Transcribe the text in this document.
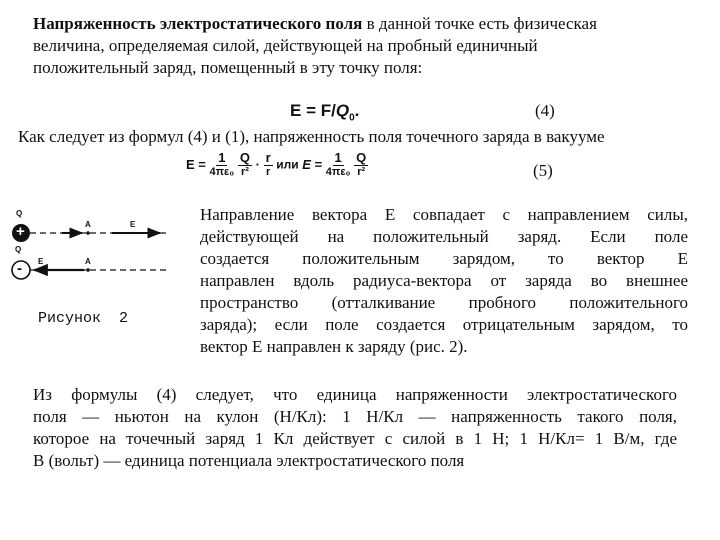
Напряженность электростатического поля в данной точке есть физическая
величина, определяемая силой, действующей на пробный единичный
положительный заряд, помещенный в эту точку поля:
$E = F/Q_0$.	(4)
Как следует из формул (4) и (1), напряженность поля точечного заряда в вакууме
$E = \frac{1}{\text{4πε₀}}$
$\frac{Q}{\text{r²}} \cdot \frac{r}{r}$ или $E = \frac{1}{\text{4πε₀}}$
$\frac{Q}{\text{r²}}$	(5)
Q
+	A	E
Q
- E	A
Рисунок  2
Направление вектора Е совпадает с направлением силы,
действующей на положительный заряд. Если поле
создается положительным зарядом, то вектор Е
направлен вдоль радиуса-вектора от заряда во внешнее
пространство (отталкивание пробного положительного
заряда); если поле создается отрицательным зарядом, то
вектор Е направлен к заряду (рис. 2).
Из формулы (4) следует, что единица напряженности электростатического
поля — ньютон на кулон (Н/Кл): 1 Н/Кл — напряженность такого поля,
которое на точечный заряд 1 Кл действует с силой в 1 Н; 1 Н/Кл= 1 В/м, где
В (вольт) — единица потенциала электростатического поля
